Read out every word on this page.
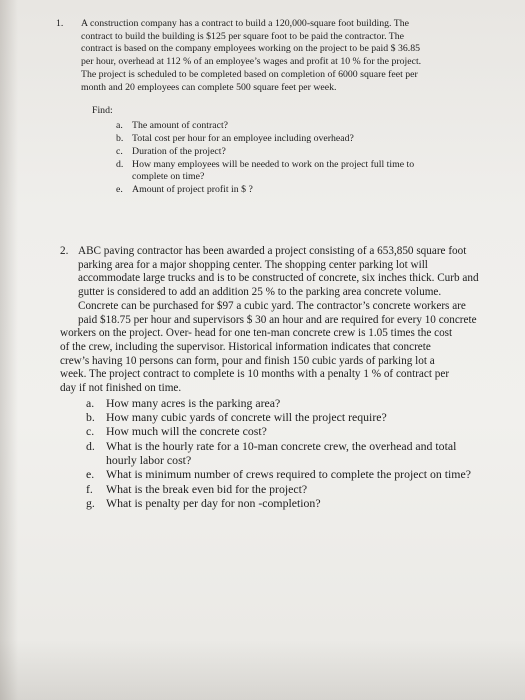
1.	A construction company has a contract to build a 120,000-square foot building. The
contract to build the building is $125 per square foot to be paid the contractor. The
contract is based on the company employees working on the project to be paid $ 36.85
per hour, overhead at 112 % of an employee’s wages and profit at 10 % for the project.
The project is scheduled to be completed based on completion of 6000 square feet per
month and 20 employees can complete 500 square feet per week.
Find:
a. The amount of contract?
b. Total cost per hour for an employee including overhead?
c. Duration of the project?
d. How many employees will be needed to work on the project full time to
complete on time?
e. Amount of project profit in $ ?
2. ABC paving contractor has been awarded a project consisting of a 653,850 square foot
parking area for a major shopping center. The shopping center parking lot will
accommodate large trucks and is to be constructed of concrete, six inches thick. Curb and
gutter is considered to add an addition 25 % to the parking area concrete volume.
Concrete can be purchased for $97 a cubic yard. The contractor’s concrete workers are
paid $18.75 per hour and supervisors $ 30 an hour and are required for every 10 concrete
workers on the project. Over- head for one ten-man concrete crew is 1.05 times the cost
of the crew, including the supervisor. Historical information indicates that concrete
crew’s having 10 persons can form, pour and finish 150 cubic yards of parking lot a
week. The project contract to complete is 10 months with a penalty 1 % of contract per
day if not finished on time.
a.	How many acres is the parking area?
b. How many cubic yards of concrete will the project require?
c.	How much will the concrete cost?
d. What is the hourly rate for a 10-man concrete crew, the overhead and total
hourly labor cost?
e.	What is minimum number of crews required to complete the project on time?
f.	What is the break even bid for the project?
g. What is penalty per day for non -completion?
